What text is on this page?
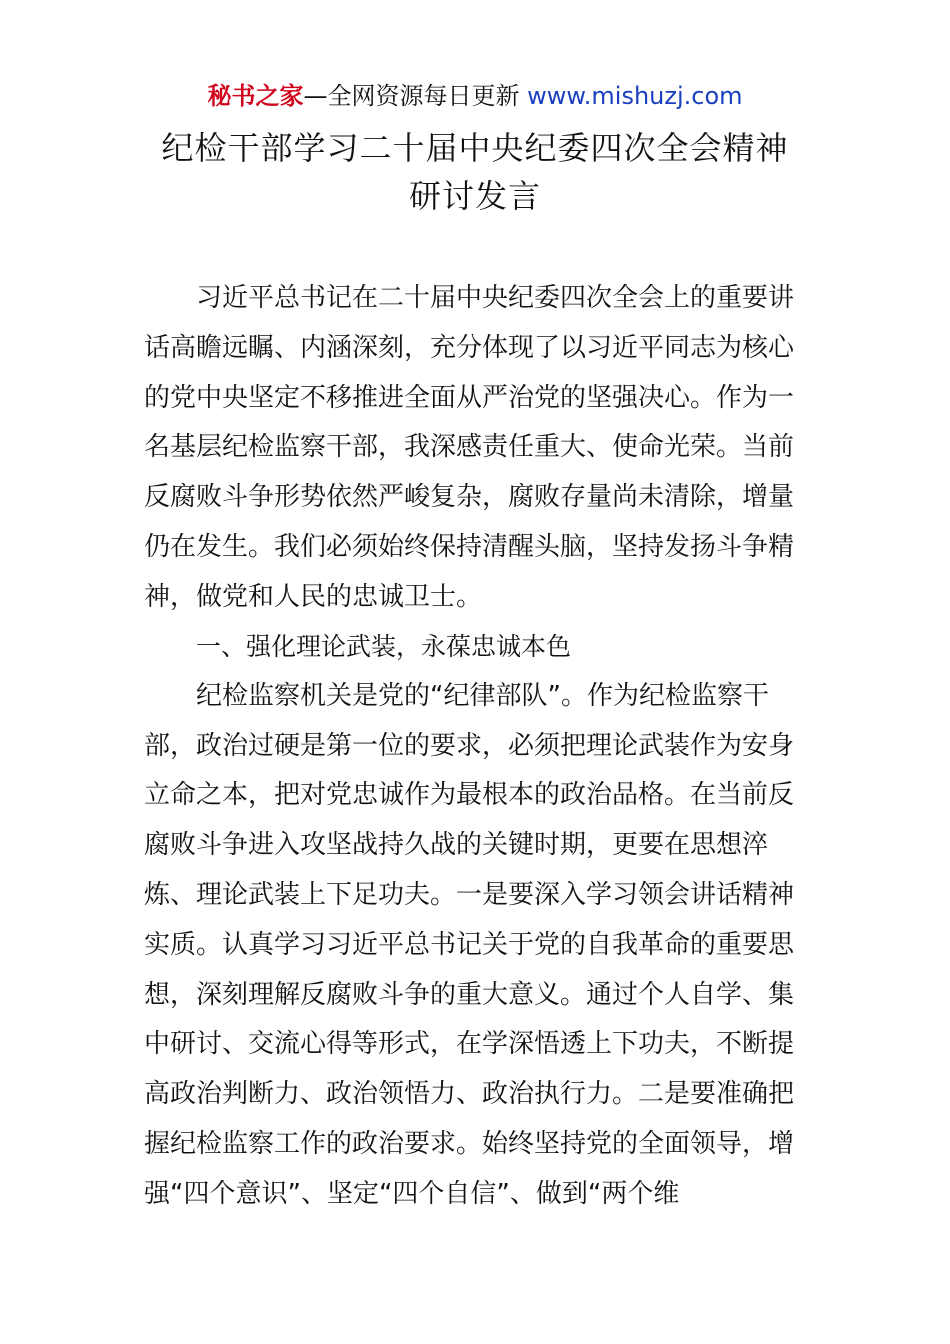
秘书之家—全网资源每日更新 www.mishuzj.com
纪检干部学习二十届中央纪委四次全会精神
研讨发言
习近平总书记在二十届中央纪委四次全会上的重要讲
话高瞻远瞩、内涵深刻，充分体现了以习近平同志为核心
的党中央坚定不移推进全面从严治党的坚强决心。作为一
名基层纪检监察干部，我深感责任重大、使命光荣。当前
反腐败斗争形势依然严峻复杂，腐败存量尚未清除，增量
仍在发生。我们必须始终保持清醒头脑，坚持发扬斗争精
神，做党和人民的忠诚卫士。
一、强化理论武装，永葆忠诚本色
纪检监察机关是党的“纪律部队”。作为纪检监察干
部，政治过硬是第一位的要求，必须把理论武装作为安身
立命之本，把对党忠诚作为最根本的政治品格。在当前反
腐败斗争进入攻坚战持久战的关键时期，更要在思想淬
炼、理论武装上下足功夫。一是要深入学习领会讲话精神
实质。认真学习习近平总书记关于党的自我革命的重要思
想，深刻理解反腐败斗争的重大意义。通过个人自学、集
中研讨、交流心得等形式，在学深悟透上下功夫，不断提
高政治判断力、政治领悟力、政治执行力。二是要准确把
握纪检监察工作的政治要求。始终坚持党的全面领导，增
强“四个意识”、坚定“四个自信”、做到“两个维
